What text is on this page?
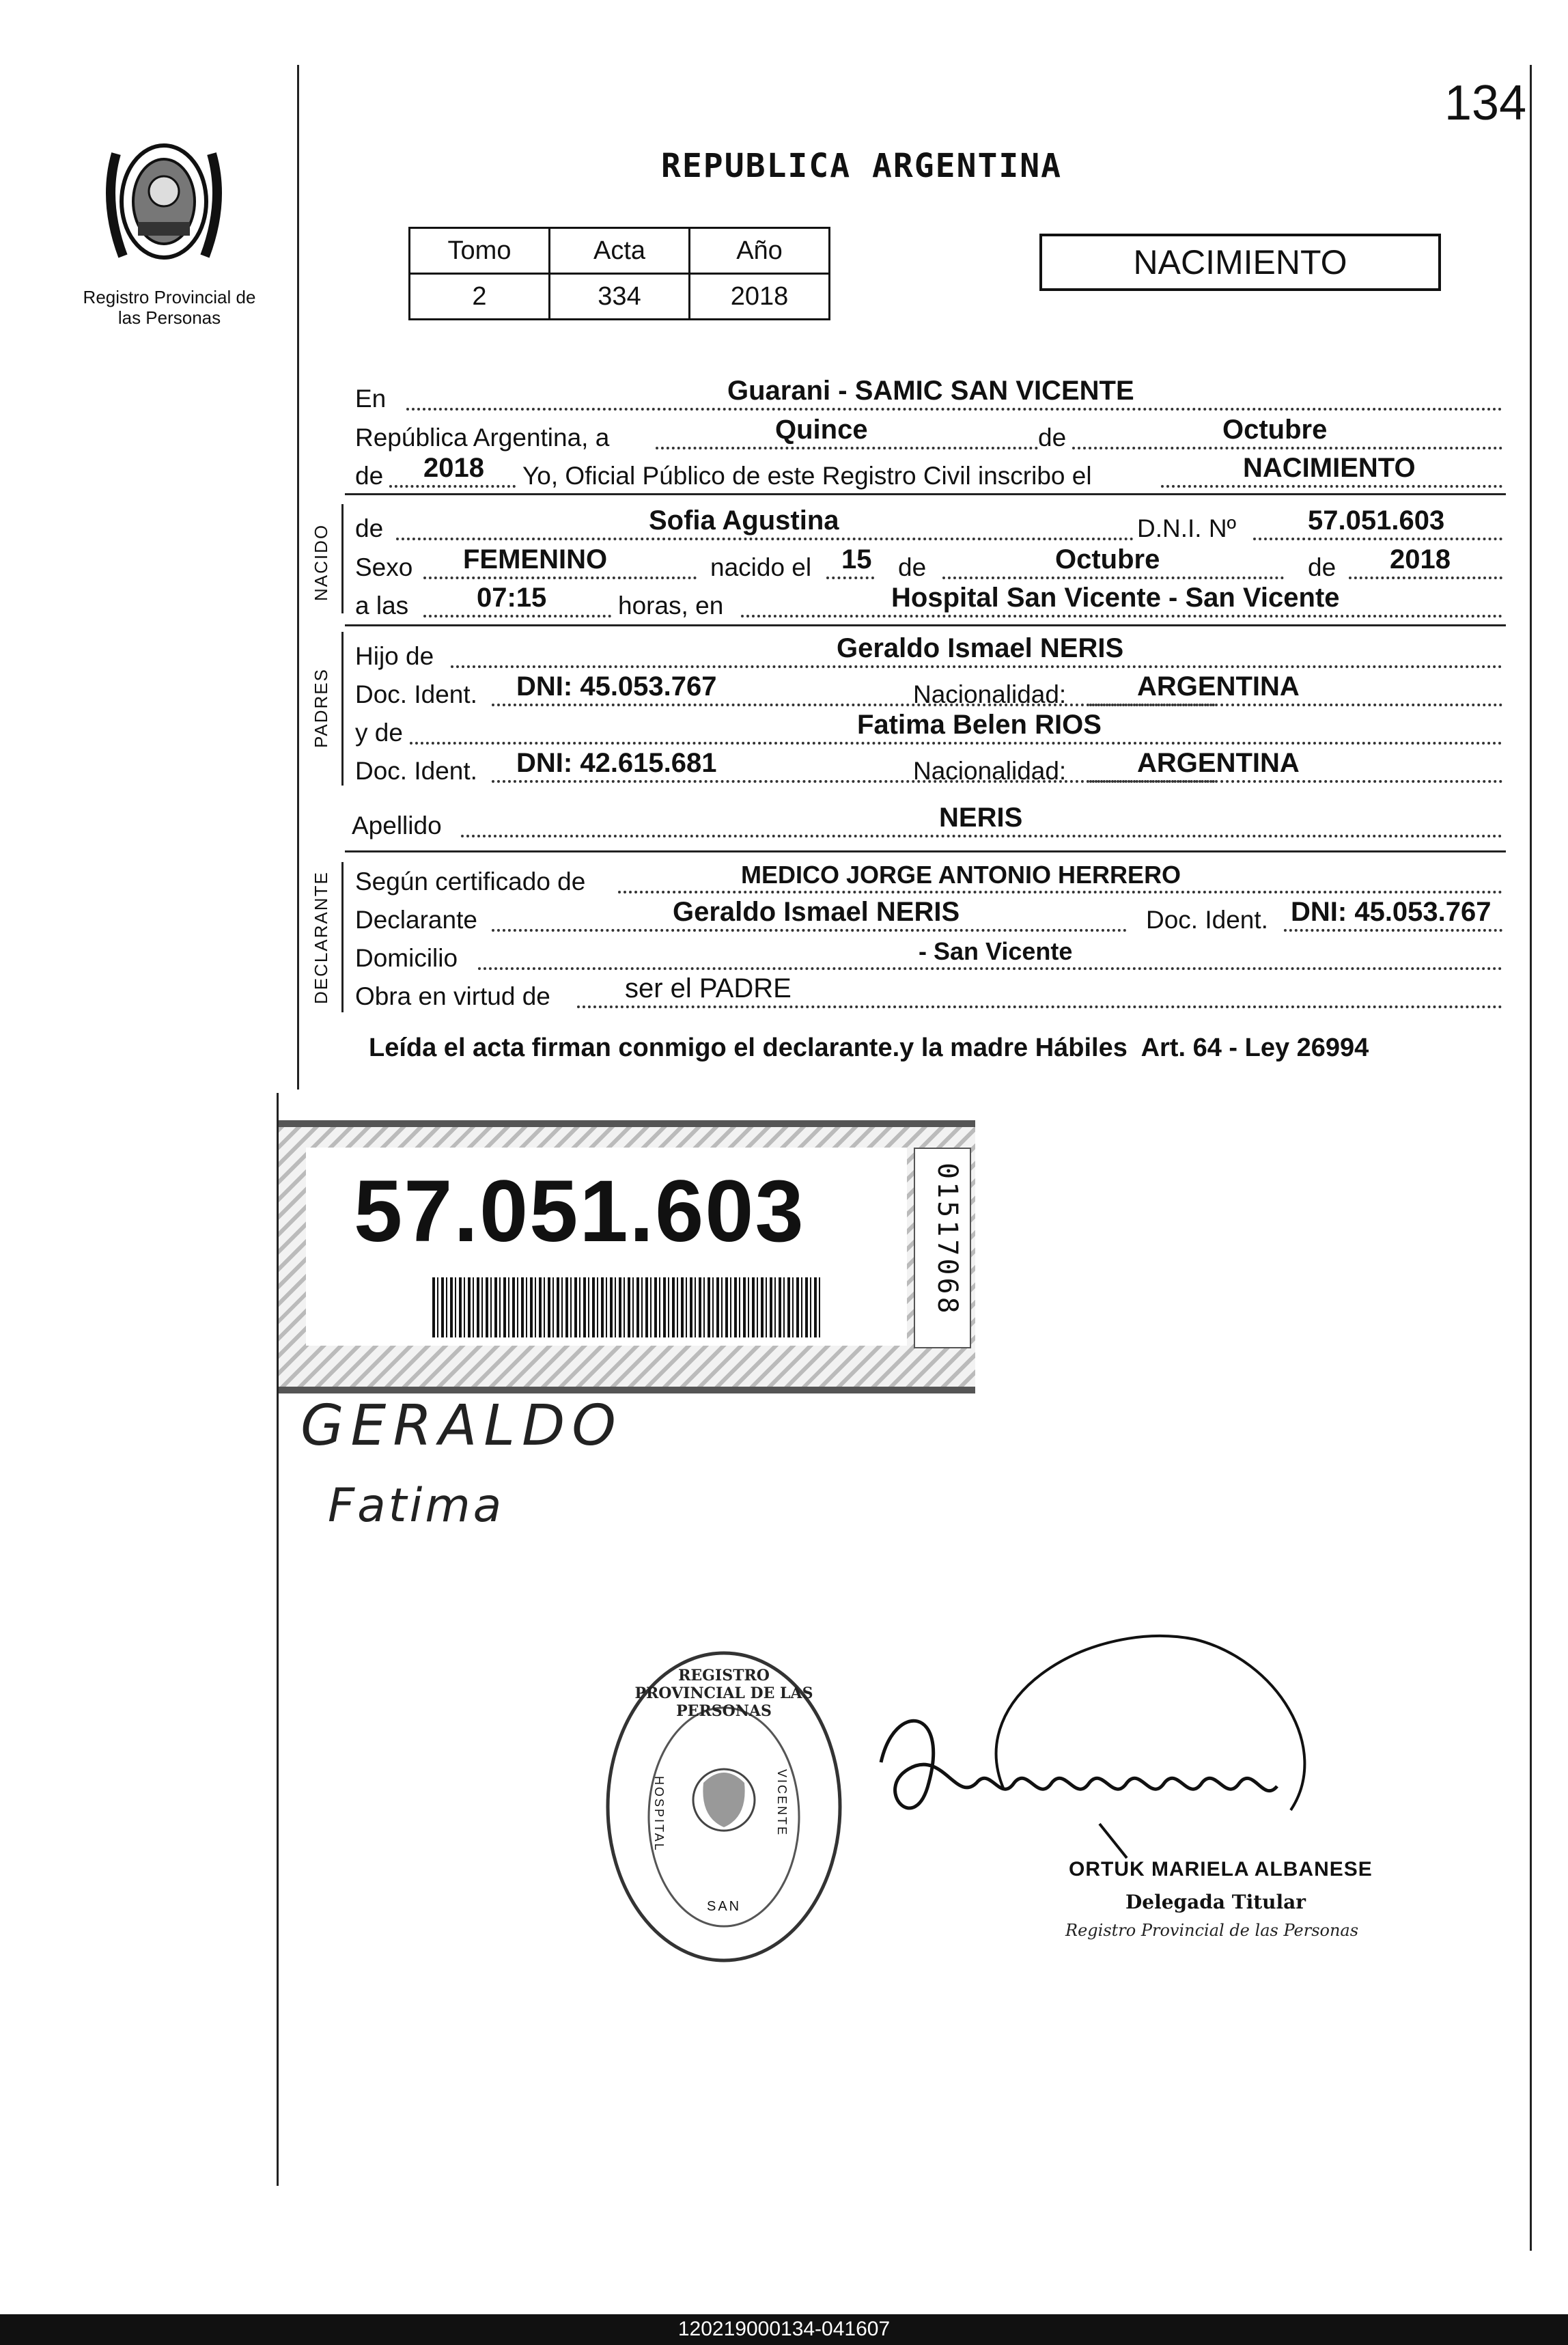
134
Registro Provincial de las Personas
REPUBLICA ARGENTINA
NACIMIENTO
Tomo	Acta	Año
2	334	2018
En	Guarani - SAMIC SAN VICENTE
República Argentina, a	Quince	de	Octubre
de 2018 Yo, Oficial Público de este Registro Civil inscribo el	NACIMIENTO
NACIDO de	Sofia Agustina	D.N.I. Nº	57.051.603
Sexo FEMENINO	nacido el 15 de	Octubre	de 2018
a las 07:15	horas, en	Hospital San Vicente - San Vicente
PADRES
Hijo de	Geraldo Ismael NERIS
Doc. Ident. DNI: 45.053.767	Nacionalidad:	ARGENTINA
y de	Fatima Belen RIOS
Doc. Ident. DNI: 42.615.681	Nacionalidad:	ARGENTINA
Apellido	NERIS
DECLARANTE Según certificado de	MEDICO JORGE ANTONIO HERRERO
Declarante	Geraldo Ismael NERIS	Doc. Ident. DNI: 45.053.767
Domicilio	- San Vicente
Obra en virtud de	ser el PADRE
Leída el acta firman conmigo el declarante.y la madre Hábiles  Art. 64 - Ley 26994
57.051.603	01517068
GERALDO
Fatima
REGISTRO PROVINCIAL DE LAS PERSONAS
HOSPITAL	VICENTE
SAN
ORTUK MARIELA ALBANESE
Delegada Titular
Registro Provincial de las Personas
120219000134-041607
